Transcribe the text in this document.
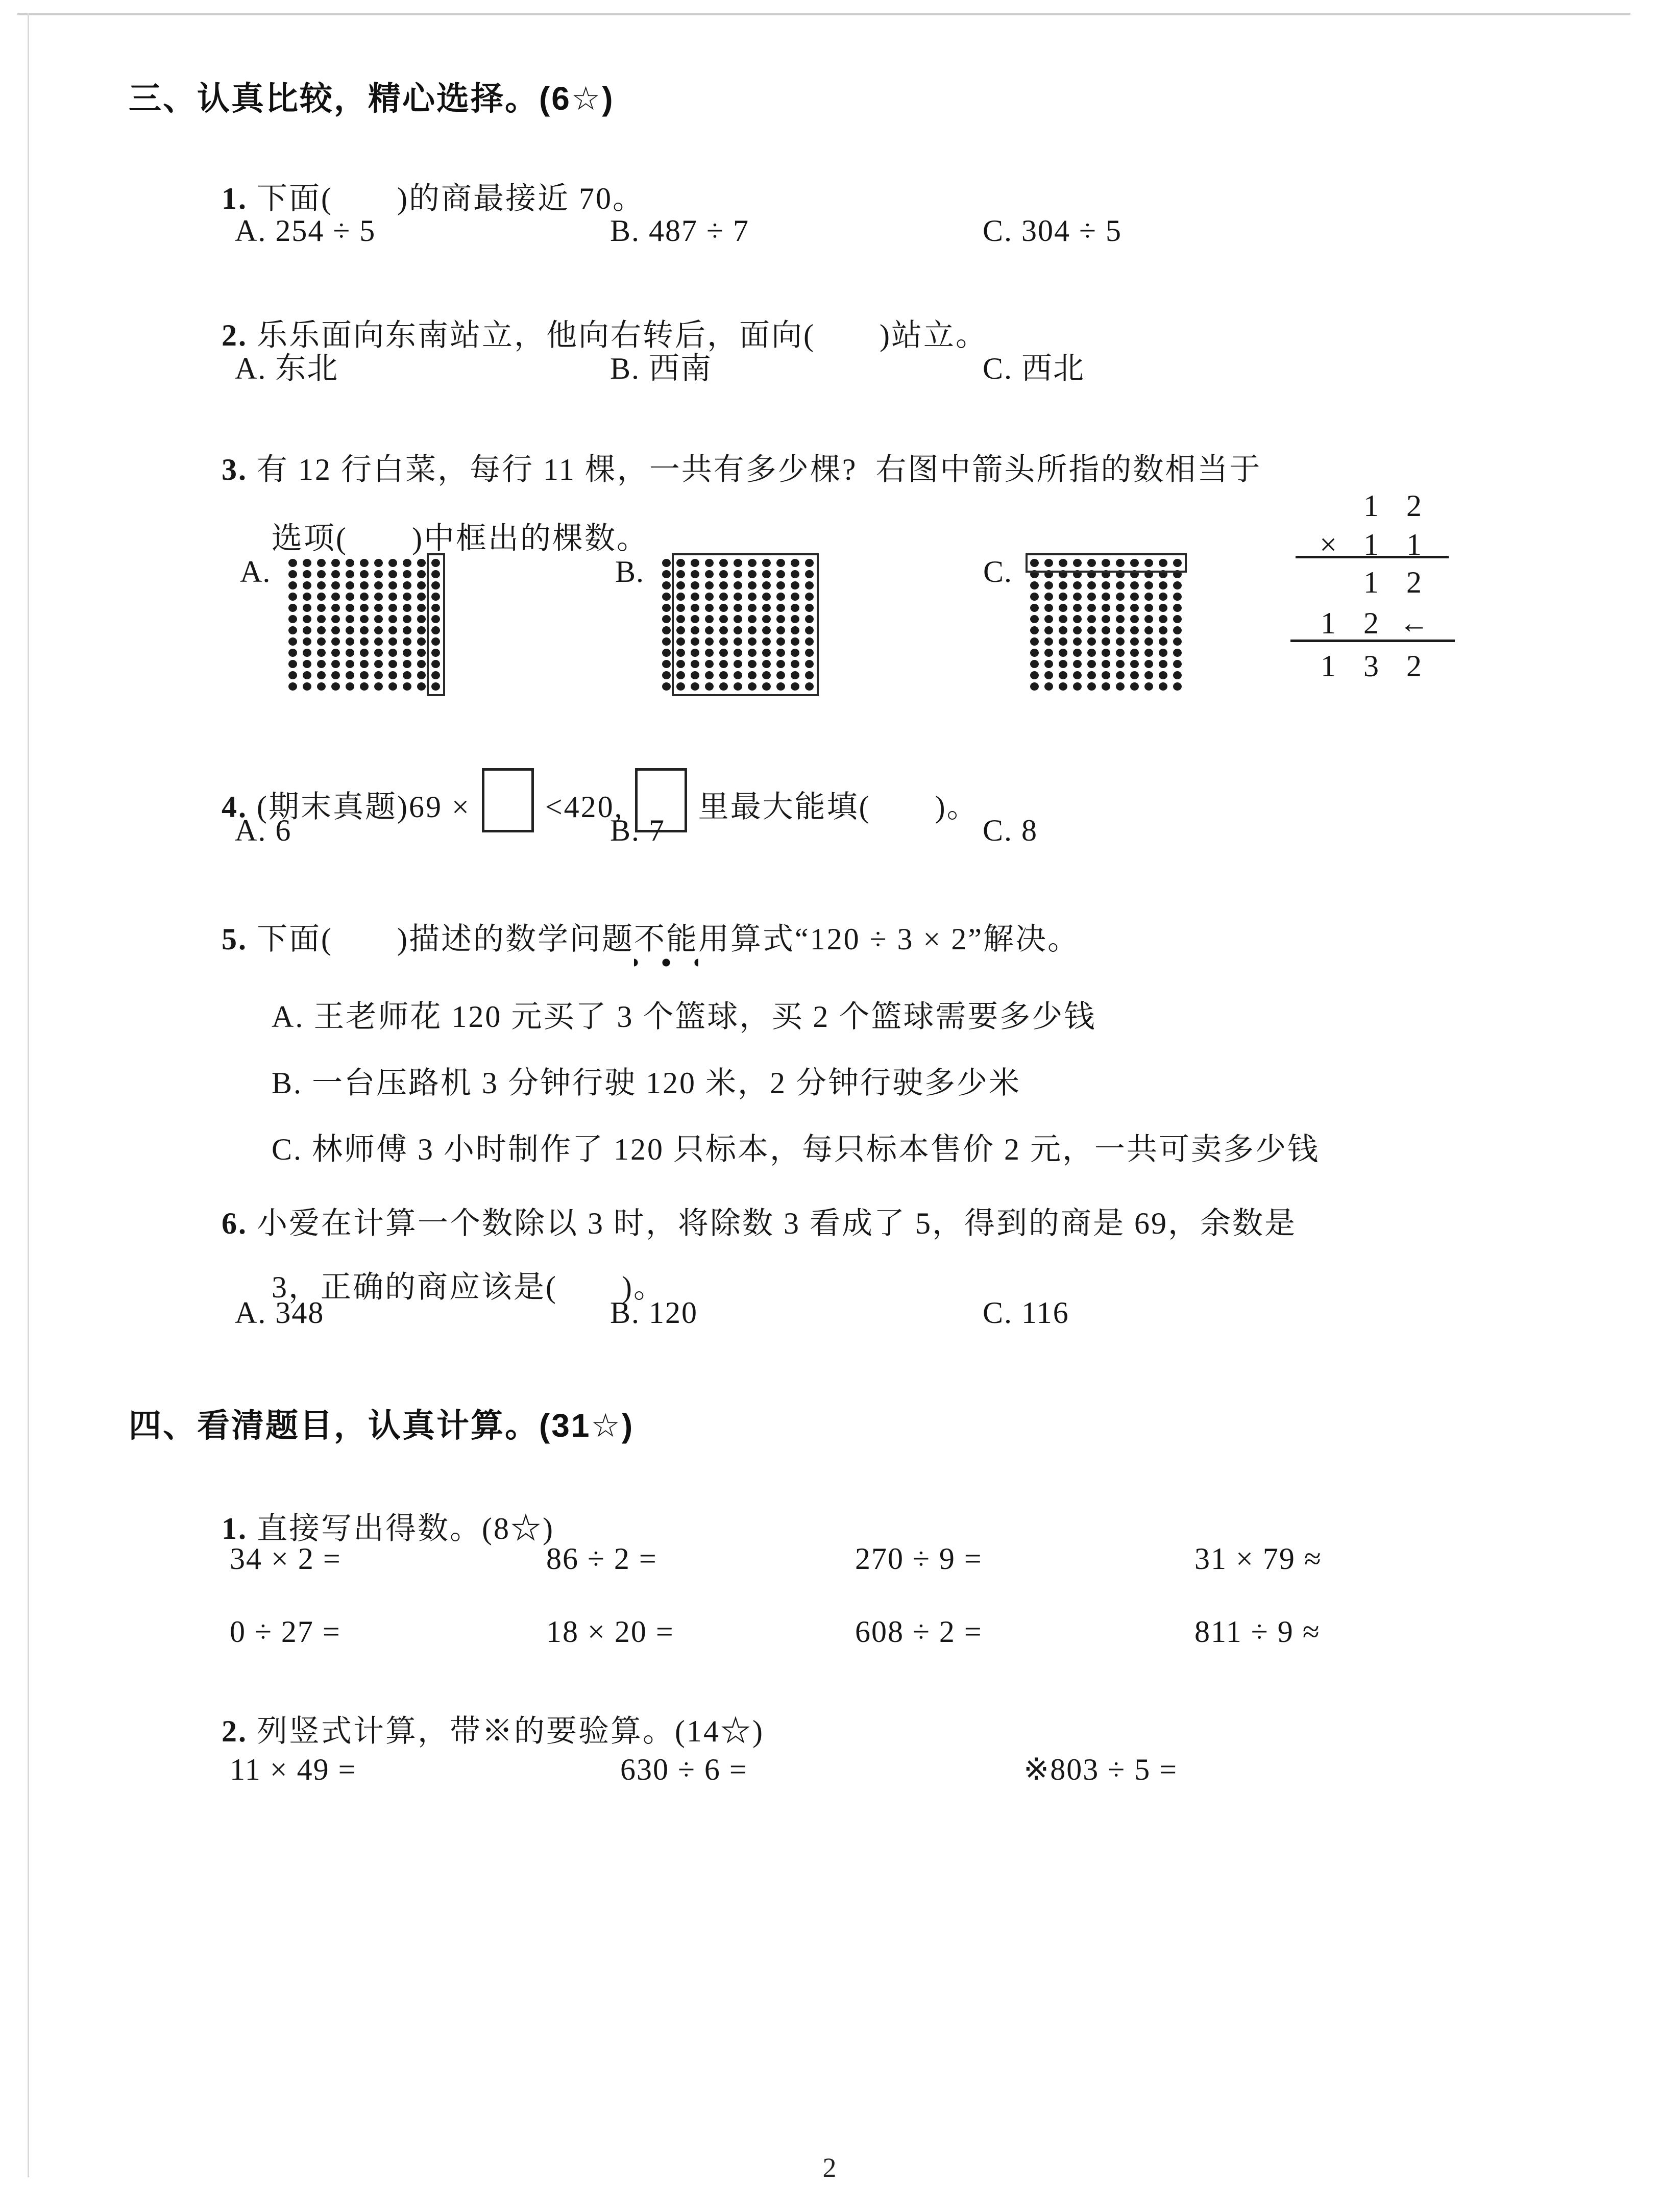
三、认真比较，精心选择。(6☆)

1. 下面(　　)的商最接近 70。

A. 254 ÷ 5	B. 487 ÷ 7	C. 304 ÷ 5

2. 乐乐面向东南站立，他向右转后，面向(　　)站立。

A. 东北	B. 西南	C. 西北

3. 有 12 行白菜，每行 11 棵，一共有多少棵?  右图中箭头所指的数相当于

选项(　　)中框出的棵数。

A.	B.	C.
1 2
× 1 1
1 2
1 2 ←
1 3 2

4. (期末真题)69 × <420, 里最大能填(　　)。

A. 6	B. 7	C. 8

5. 下面(　　)描述的数学问题不能用算式“120 ÷ 3 × 2”解决。

A. 王老师花 120 元买了 3 个篮球，买 2 个篮球需要多少钱

B. 一台压路机 3 分钟行驶 120 米，2 分钟行驶多少米

C. 林师傅 3 小时制作了 120 只标本，每只标本售价 2 元，一共可卖多少钱

6. 小爱在计算一个数除以 3 时，将除数 3 看成了 5，得到的商是 69，余数是

3，正确的商应该是(　　)。

A. 348	B. 120	C. 116
四、看清题目，认真计算。(31☆)

1. 直接写出得数。(8☆)

34 × 2 =	86 ÷ 2 =	270 ÷ 9 =	31 × 79 ≈
0 ÷ 27 =	18 × 20 =	608 ÷ 2 =	811 ÷ 9 ≈

2. 列竖式计算，带※的要验算。(14☆)

11 × 49 =	630 ÷ 6 =	※803 ÷ 5 =
2
